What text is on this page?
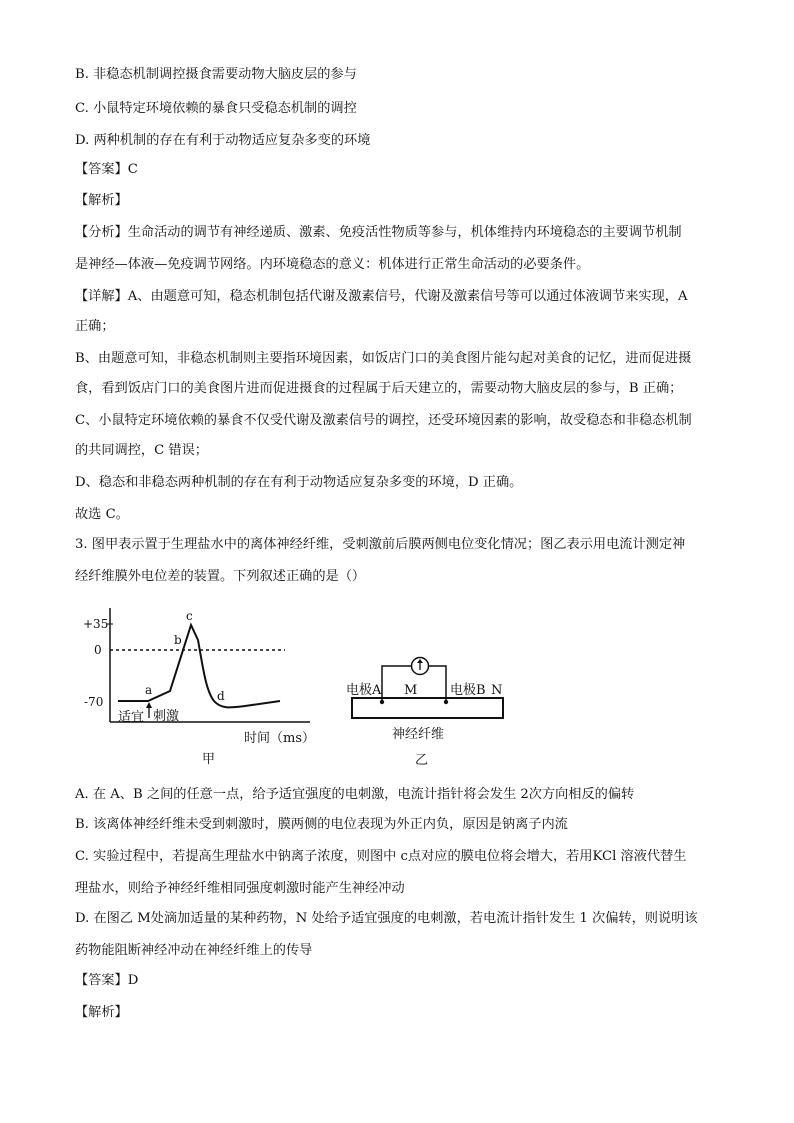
B. 非稳态机制调控摄食需要动物大脑皮层的参与
C. 小鼠特定环境依赖的暴食只受稳态机制的调控
D. 两种机制的存在有利于动物适应复杂多变的环境
【答案】C
【解析】
【分析】生命活动的调节有神经递质、激素、免疫活性物质等参与，机体维持内环境稳态的主要调节机制
是神经—体液—免疫调节网络。内环境稳态的意义：机体进行正常生命活动的必要条件。
【详解】A、由题意可知，稳态机制包括代谢及激素信号，代谢及激素信号等可以通过体液调节来实现，A
正确；
B、由题意可知，非稳态机制则主要指环境因素，如饭店门口的美食图片能勾起对美食的记忆，进而促进摄
食，看到饭店门口的美食图片进而促进摄食的过程属于后天建立的，需要动物大脑皮层的参与，B 正确；
C、小鼠特定环境依赖的暴食不仅受代谢及激素信号的调控，还受环境因素的影响，故受稳态和非稳态机制
的共同调控，C 错误；
D、稳态和非稳态两种机制的存在有利于动物适应复杂多变的环境，D 正确。
故选 C。
3. 图甲表示置于生理盐水中的离体神经纤维，受刺激前后膜两侧电位变化情况；图乙表示用电流计测定神
经纤维膜外电位差的装置。下列叙述正确的是（）
+35
0
-70
a
b
c
d
适宜 刺激
时间（ms）
甲
电极A M	电极B N
神经纤维
乙
A. 在 A、B 之间的任意一点，给予适宜强度的电刺激，电流计指针将会发生 2次方向相反的偏转
B. 该离体神经纤维未受到刺激时，膜两侧的电位表现为外正内负，原因是钠离子内流
C. 实验过程中，若提高生理盐水中钠离子浓度，则图中 c点对应的膜电位将会增大，若用KCl 溶液代替生
理盐水，则给予神经纤维相同强度刺激时能产生神经冲动
D. 在图乙 M处滴加适量的某种药物，N 处给予适宜强度的电刺激，若电流计指针发生 1 次偏转，则说明该
药物能阻断神经冲动在神经纤维上的传导
【答案】D
【解析】
